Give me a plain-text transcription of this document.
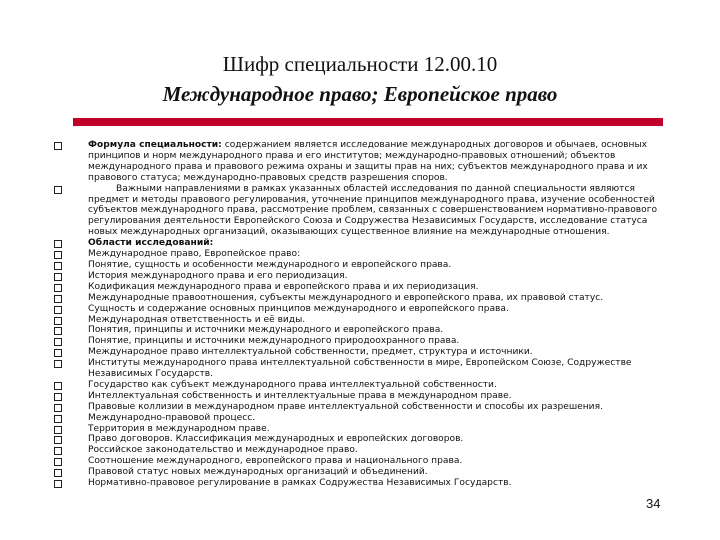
Шифр специальности 12.00.10
Международное право; Европейское право
Формула специальности: содержанием является исследование международных договоров и обычаев, основных принципов и норм международного права и его институтов; международно-правовых отношений; объектов международного права и правового режима охраны и защиты прав на них; субъектов международного права и их правового статуса; международно-правовых средств разрешения споров.
Важными направлениями в рамках указанных областей исследования по данной специальности являются предмет и методы правового регулирования, уточнение принципов международного права, изучение особенностей субъектов международного права, рассмотрение проблем, связанных с совершенствованием нормативно-правового регулирования деятельности Европейского Союза и Содружества Независимых Государств, исследование статуса новых международных организаций, оказывающих существенное влияние на международные отношения.
Области исследований:
Международное право, Европейское право:
Понятие, сущность и особенности международного и европейского права.
История международного права и его периодизация.
Кодификация международного права и европейского права и их периодизация.
Международные правоотношения, субъекты международного и европейского права, их правовой статус.
Сущность и содержание основных принципов международного и европейского права.
Международная ответственность и её виды.
Понятия, принципы и источники международного и европейского права.
Понятие, принципы и источники международного природоохранного права.
Международное право интеллектуальной собственности, предмет, структура и источники.
Институты международного права интеллектуальной собственности в мире, Европейском Союзе, Содружестве Независимых Государств.
Государство как субъект международного права интеллектуальной собственности.
Интеллектуальная собственность и интеллектуальные права в международном праве.
Правовые коллизии в международном праве интеллектуальной собственности и способы их разрешения.
Международно-правовой процесс.
Территория в международном праве.
Право договоров. Классификация международных и европейских договоров.
Российское законодательство и международное право.
Соотношение международного, европейского права и национального права.
Правовой статус новых международных организаций и объединений.
Нормативно-правовое регулирование в рамках Содружества Независимых Государств.
34
